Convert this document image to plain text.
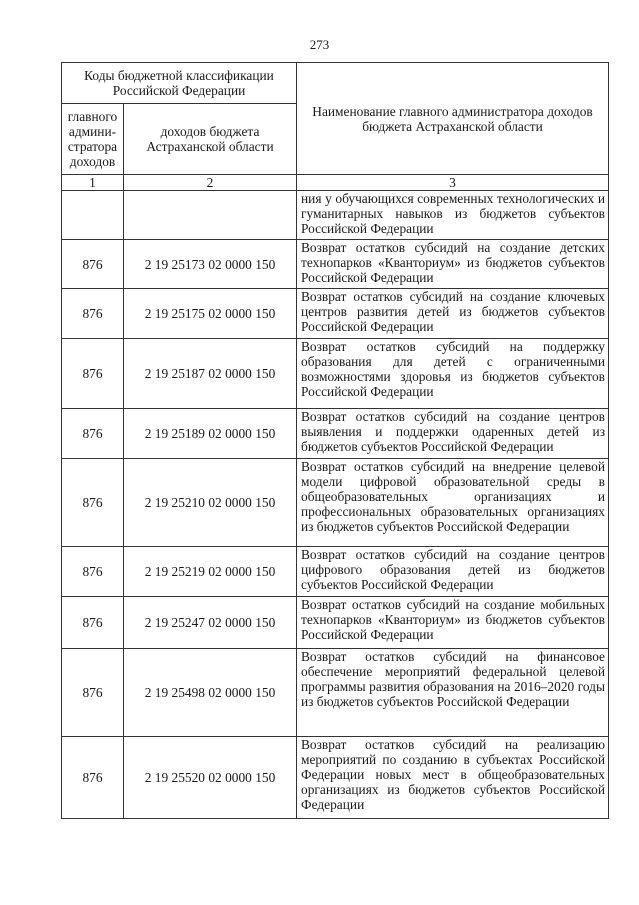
273
Коды бюджетной классификации Российской Федерации		Наименование главного администратора доходов бюджета Астраханской области
главного админи-стратора доходов	доходов бюджета Астраханской области	
1	2	3
		ния у обучающихся современных технологических и гуманитарных навыков из бюджетов субъектов Российской Федерации
876	2 19 25173 02 0000 150	Возврат остатков субсидий на создание детских технопарков «Кванториум» из бюджетов субъектов Российской Федерации
876	2 19 25175 02 0000 150	Возврат остатков субсидий на создание ключевых центров развития детей из бюджетов субъектов Российской Федерации
876	2 19 25187 02 0000 150	Возврат остатков субсидий на поддержку образования для детей с ограниченными возможностями здоровья из бюджетов субъектов Российской Федерации
876	2 19 25189 02 0000 150	Возврат остатков субсидий на создание центров выявления и поддержки одаренных детей из бюджетов субъектов Российской Федерации
876	2 19 25210 02 0000 150	Возврат остатков субсидий на внедрение целевой модели цифровой образовательной среды в общеобразовательных организациях и профессиональных образовательных организациях из бюджетов субъектов Российской Федерации
876	2 19 25219 02 0000 150	Возврат остатков субсидий на создание центров цифрового образования детей из бюджетов субъектов Российской Федерации
876	2 19 25247 02 0000 150	Возврат остатков субсидий на создание мобильных технопарков «Кванториум» из бюджетов субъектов Российской Федерации
876	2 19 25498 02 0000 150	Возврат остатков субсидий на финансовое обеспечение мероприятий федеральной целевой программы развития образования на 2016–2020 годы из бюджетов субъектов Российской Федерации
876	2 19 25520 02 0000 150	Возврат остатков субсидий на реализацию мероприятий по созданию в субъектах Российской Федерации новых мест в общеобразовательных организациях из бюджетов субъектов Российской Федерации
